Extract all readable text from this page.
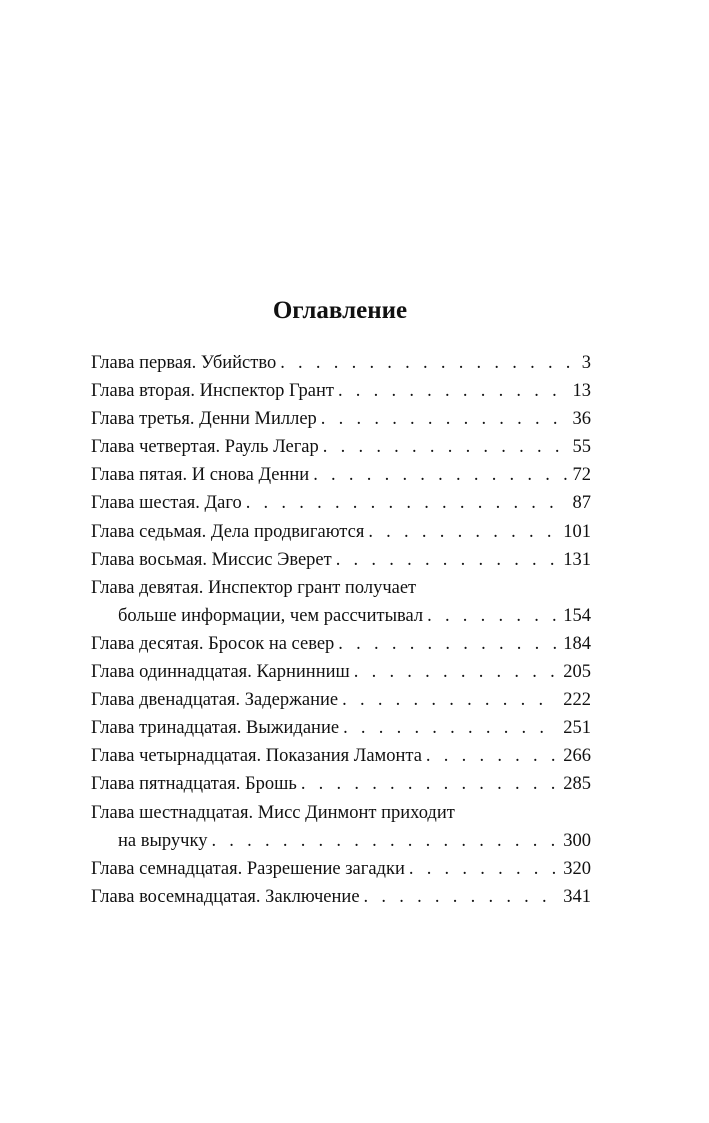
Оглавление
Глава первая. Убийство . . .	3
Глава вторая. Инспектор Грант . . .	13
Глава третья. Денни Миллер . . .	36
Глава четвертая. Рауль Легар . . .	55
Глава пятая. И снова Денни . . .	72
Глава шестая. Даго . . .	87
Глава седьмая. Дела продвигаются . . .	101
Глава восьмая. Миссис Эверет . . .	131
Глава девятая. Инспектор грант получает
больше информации, чем рассчитывал . . .	154
Глава десятая. Бросок на север . . .	184
Глава одиннадцатая. Карнинниш . . .	205
Глава двенадцатая. Задержание . . .	222
Глава тринадцатая. Выжидание . . .	251
Глава четырнадцатая. Показания Ламонта . . .	266
Глава пятнадцатая. Брошь . . .	285
Глава шестнадцатая. Мисс Динмонт приходит
на выручку . . .	300
Глава семнадцатая. Разрешение загадки . . .	320
Глава восемнадцатая. Заключение . . .	341
